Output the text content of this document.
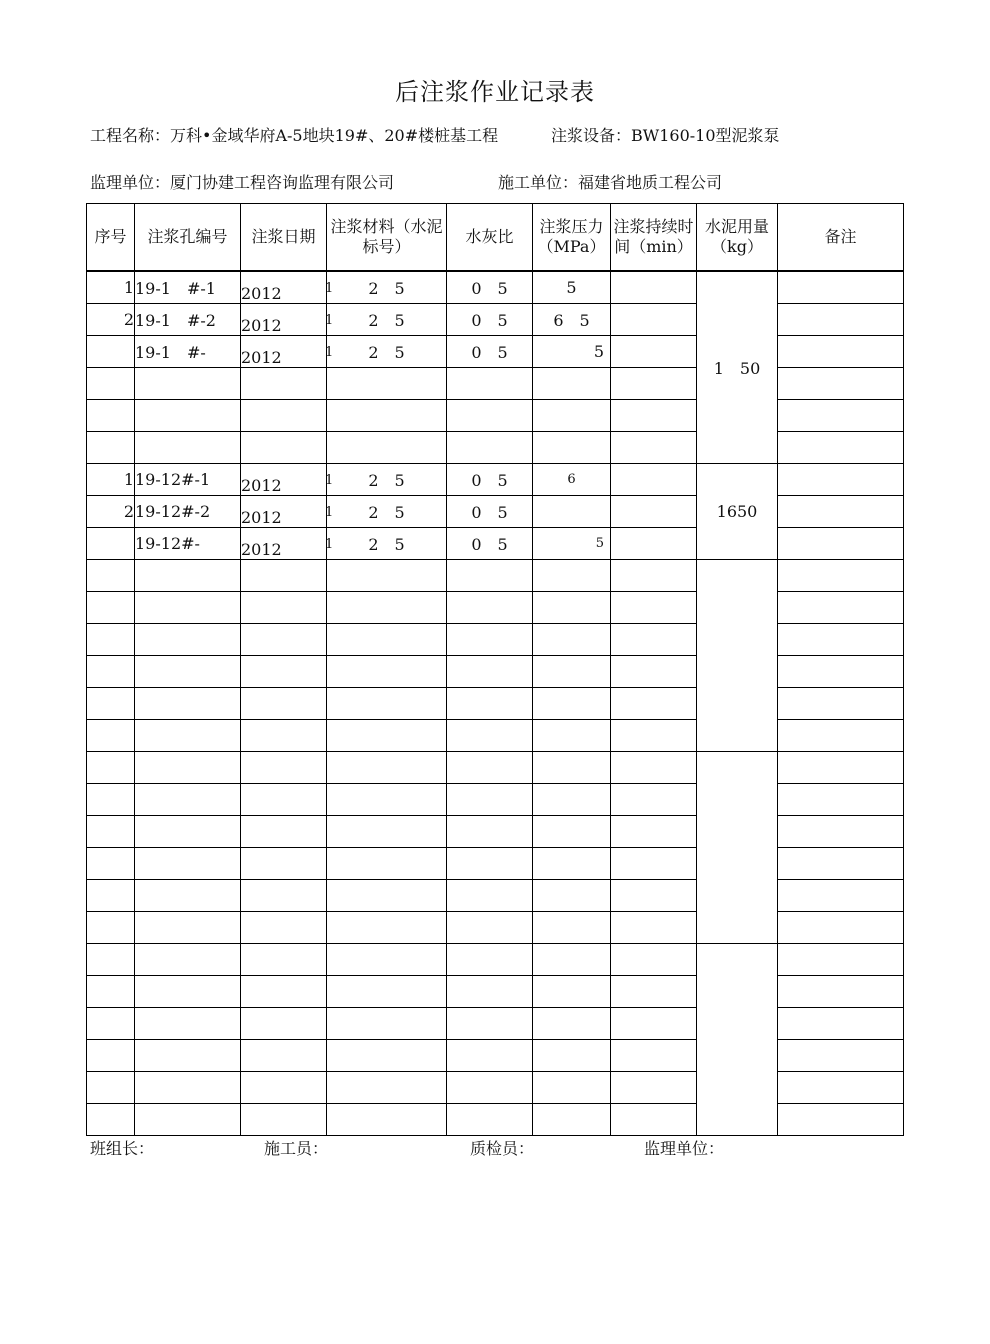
后注浆作业记录表
工程名称：万科•金域华府A-5地块19#、20#楼桩基工程	注浆设备：BW160-10型泥浆泵
监理单位：厦门协建工程咨询监理有限公司	施工单位：福建省地质工程公司
序号	注浆孔编号	注浆日期	注浆材料（水泥标号）	水灰比	注浆压力（MPa）	注浆持续时间（min）	水泥用量（kg）	备注
1	19-1　#-1	2012	1 2　5	0　5	5		1　50	
2	19-1　#-2	2012	1 2　5	0　5	6　5			
	19-1　#-	2012	1 2　5	0　5	5			

1	19-12#-1	2012	1 2　5	0　5	6		1650	
2	19-12#-2	2012	1 2　5	0　5				
	19-12#-	2012	1 2　5	0　5	5			

班组长：	施工员：	质检员：	监理单位：
